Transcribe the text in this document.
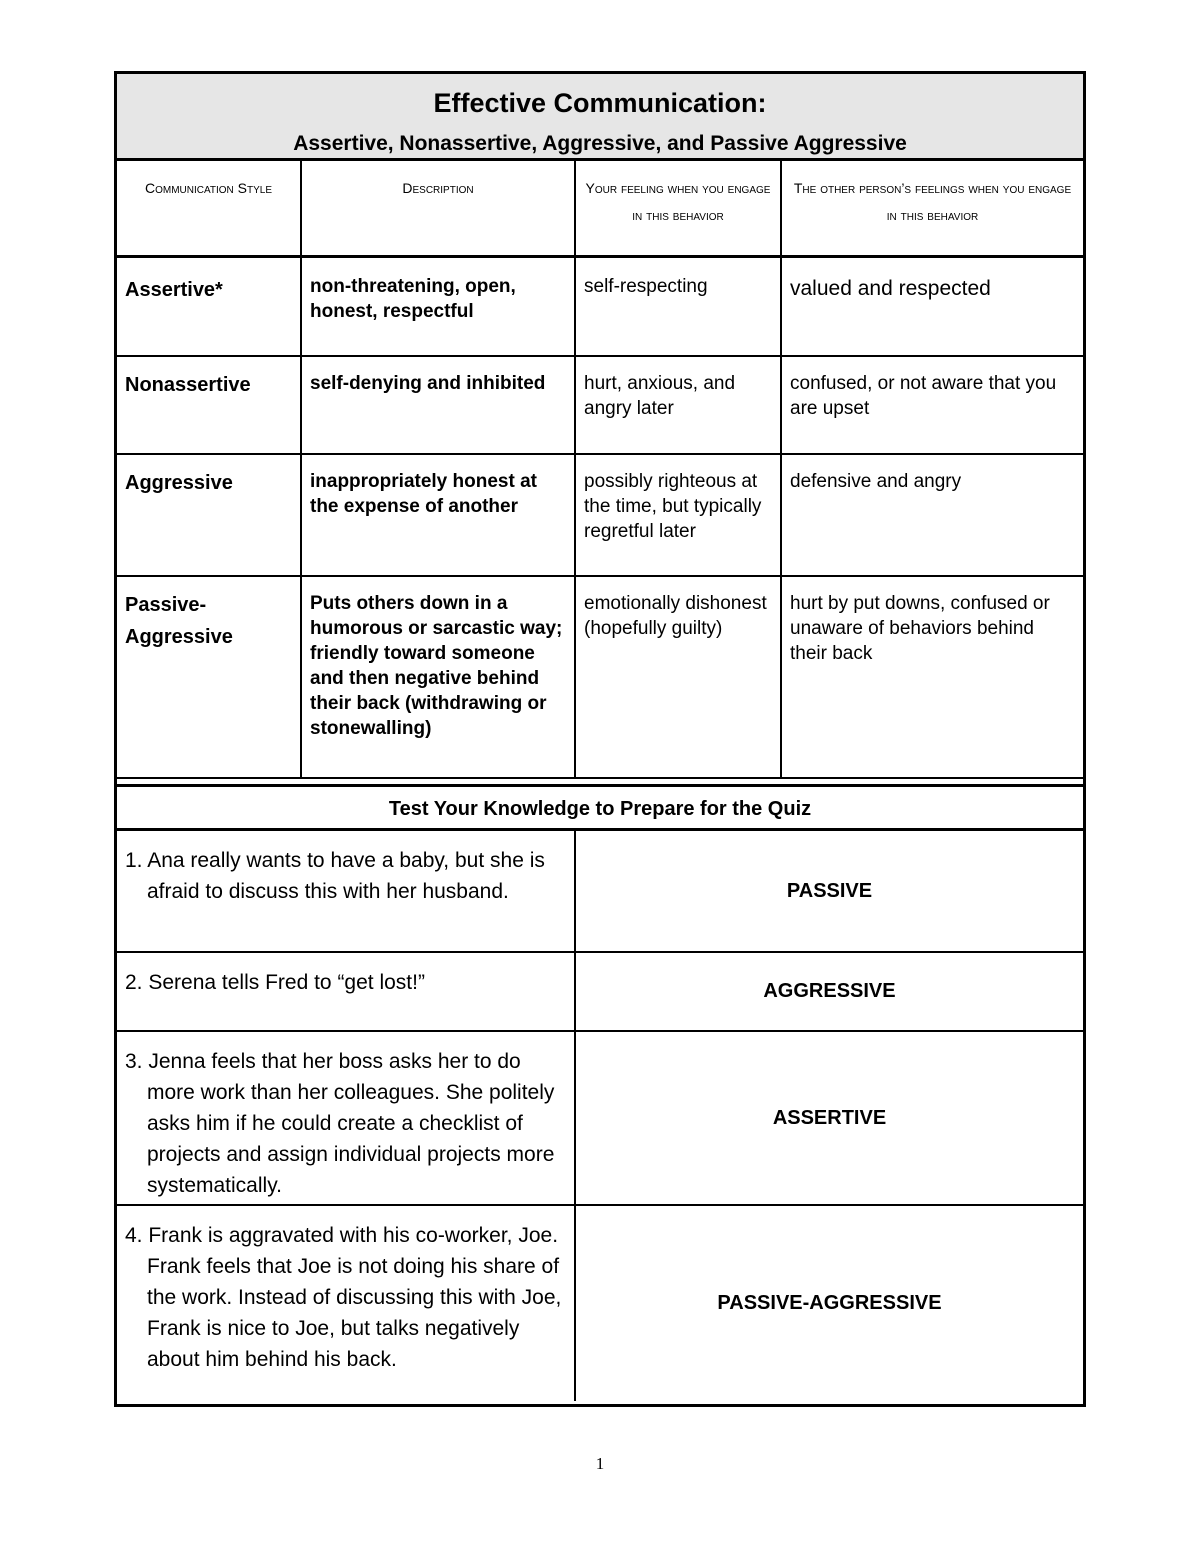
Effective Communication:
Assertive, Nonassertive, Aggressive, and Passive Aggressive
Communication Style	Description	Your feeling when you engage in this behavior	The other person’s feelings when you engage in this behavior
Assertive*	non-threatening, open, honest, respectful	self-respecting	valued and respected
Nonassertive	self-denying and inhibited	hurt, anxious, and angry later	confused, or not aware that you are upset
Aggressive	inappropriately honest at the expense of another	possibly righteous at the time, but typically regretful later	defensive and angry
Passive-Aggressive	Puts others down in a humorous or sarcastic way; friendly toward someone and then negative behind their back (withdrawing or stonewalling)	emotionally dishonest (hopefully guilty)	hurt by put downs, confused or unaware of behaviors behind their back
Test Your Knowledge to Prepare for the Quiz
1. Ana really wants to have a baby, but she is afraid to discuss this with her husband.	PASSIVE
2. Serena tells Fred to “get lost!”	AGGRESSIVE
3. Jenna feels that her boss asks her to do more work than her colleagues. She politely asks him if he could create a checklist of projects and assign individual projects more systematically.	ASSERTIVE
4. Frank is aggravated with his co-worker, Joe. Frank feels that Joe is not doing his share of the work. Instead of discussing this with Joe, Frank is nice to Joe, but talks negatively about him behind his back.	PASSIVE-AGGRESSIVE
1
